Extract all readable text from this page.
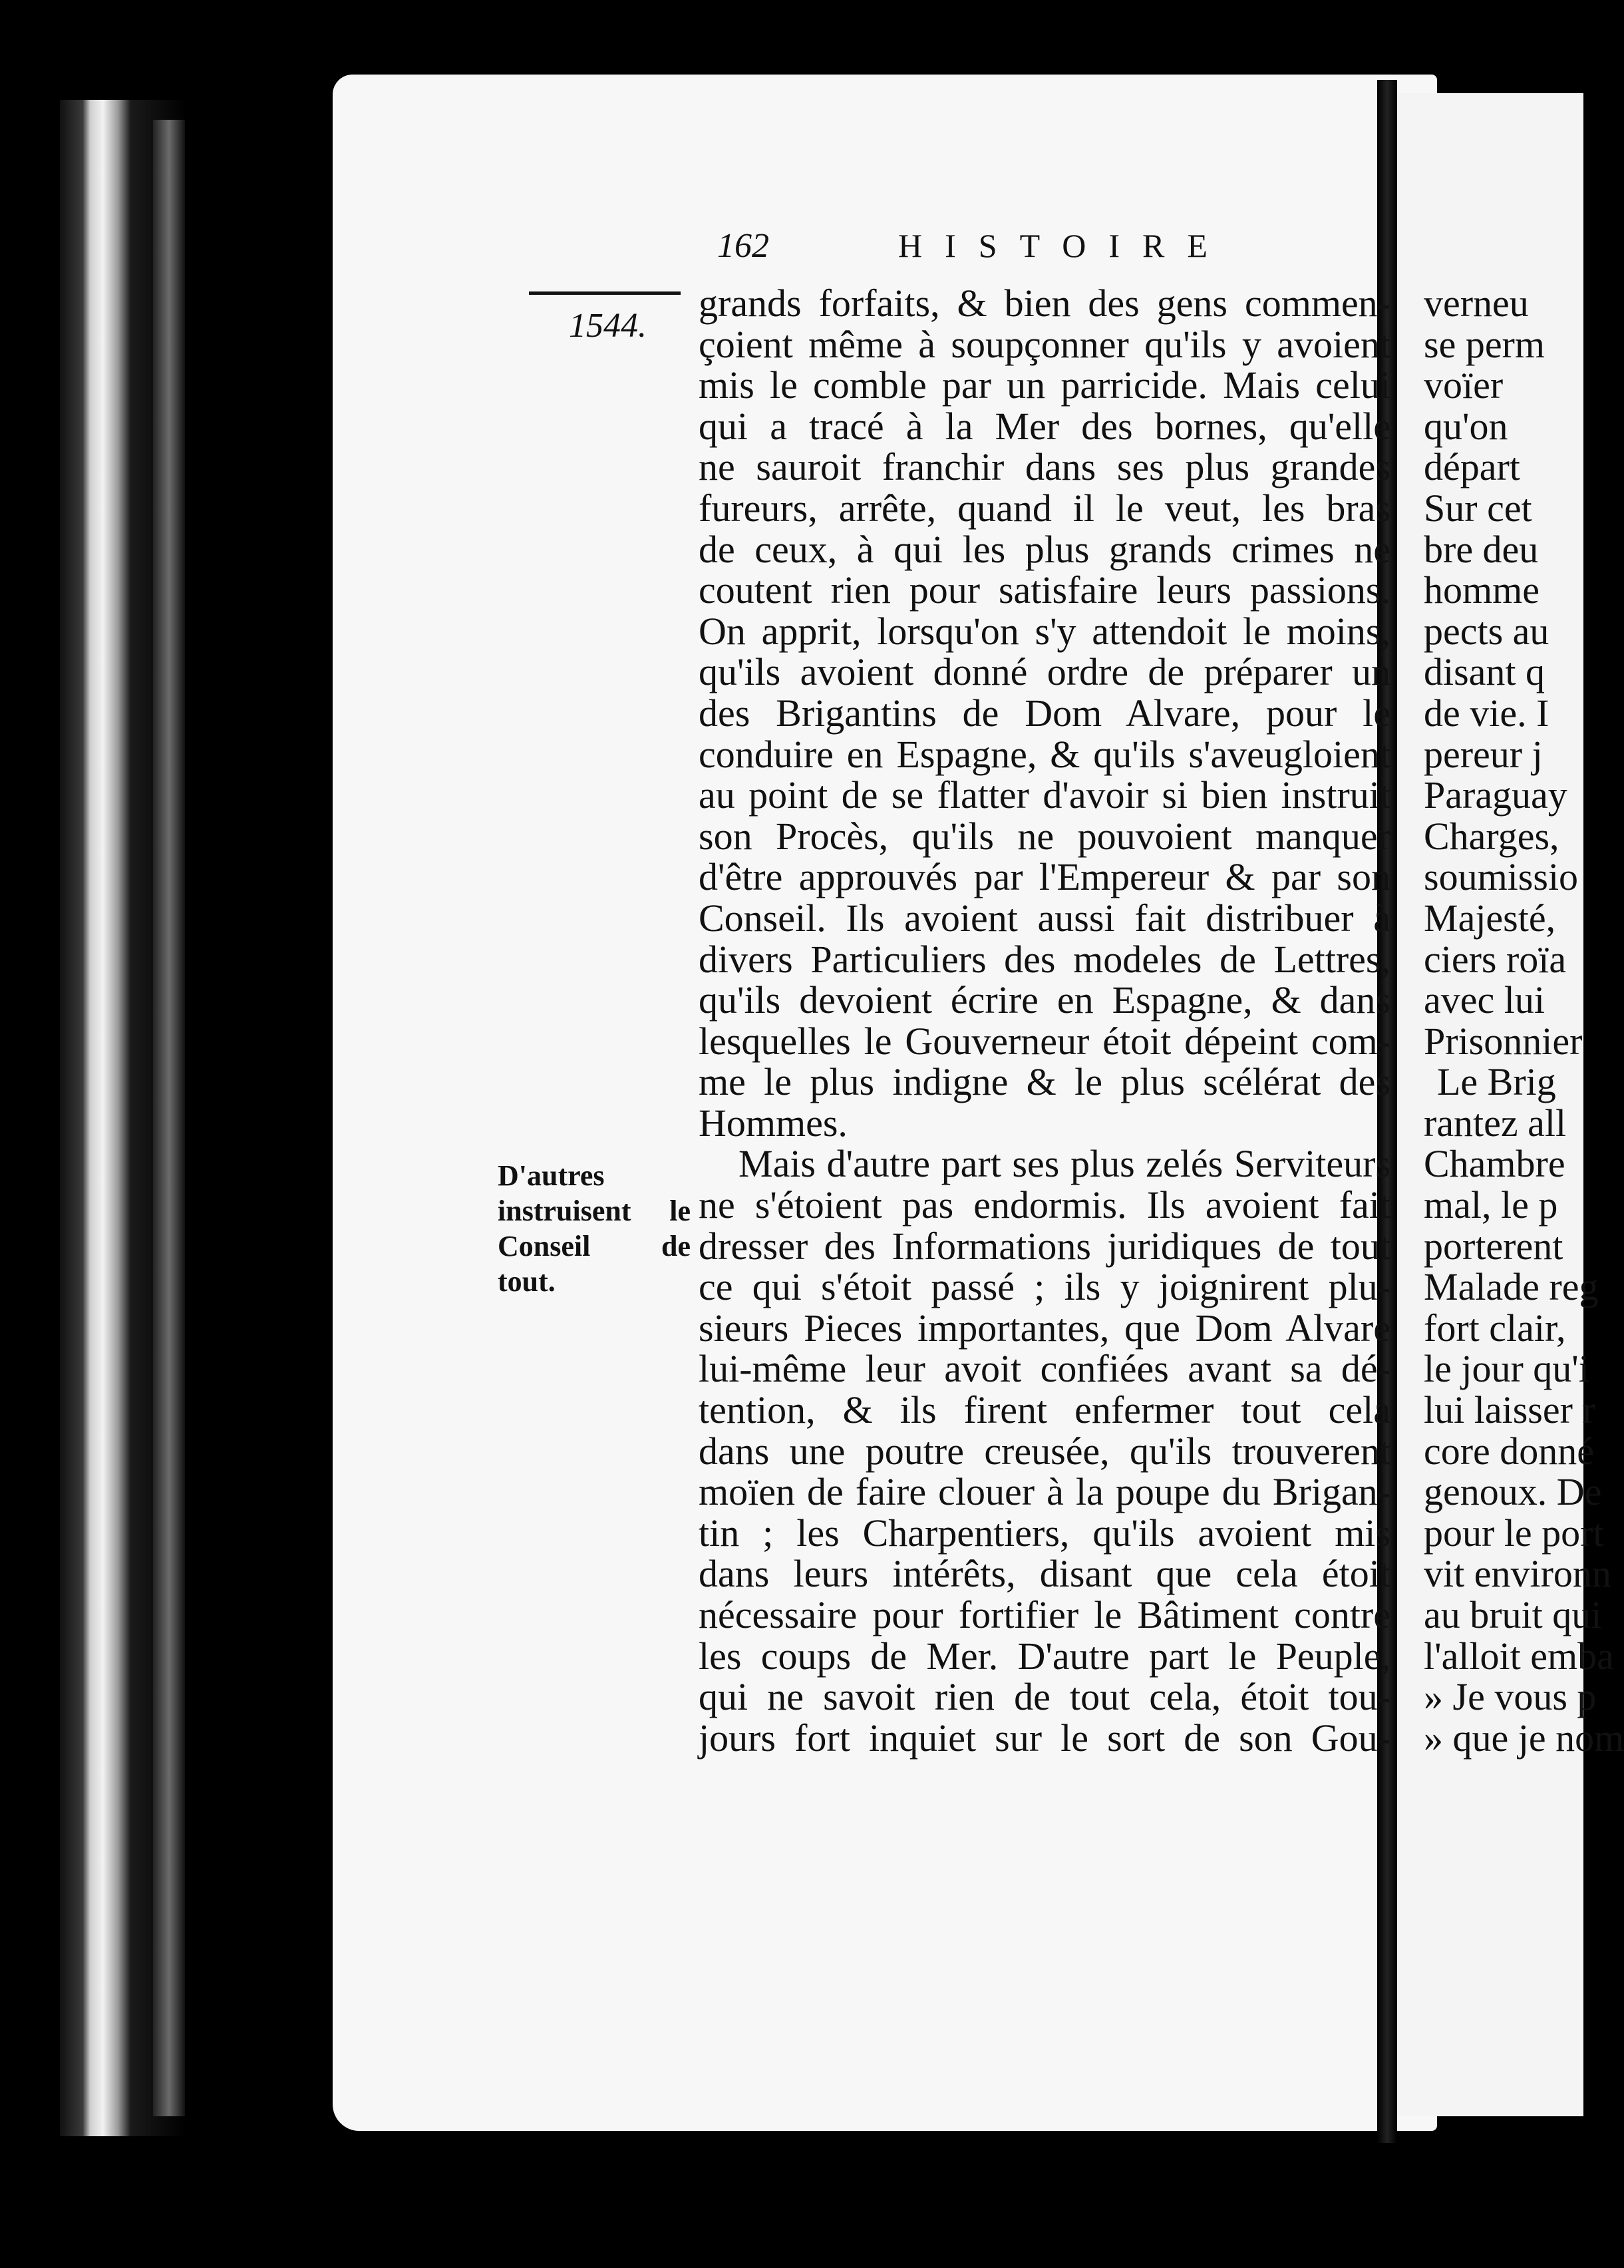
162	HISTOIRE
1544.
D'autres
instruisent le
Conseil de
tout.
grands forfaits, & bien des gens commen-
çoient même à soupçonner qu'ils y avoient
mis le comble par un parricide. Mais celui
qui a tracé à la Mer des bornes, qu'elle
ne sauroit franchir dans ses plus grandes
fureurs, arrête, quand il le veut, les bras
de ceux, à qui les plus grands crimes ne
coutent rien pour satisfaire leurs passions.
On apprit, lorsqu'on s'y attendoit le moins,
qu'ils avoient donné ordre de préparer un
des Brigantins de Dom Alvare, pour le
conduire en Espagne, & qu'ils s'aveugloient
au point de se flatter d'avoir si bien instruit
son Procès, qu'ils ne pouvoient manquer
d'être approuvés par l'Empereur & par son
Conseil. Ils avoient aussi fait distribuer à
divers Particuliers des modeles de Lettres,
qu'ils devoient écrire en Espagne, & dans
lesquelles le Gouverneur étoit dépeint com-
me le plus indigne & le plus scélérat des
Hommes.
Mais d'autre part ses plus zelés Serviteurs
ne s'étoient pas endormis. Ils avoient fait
dresser des Informations juridiques de tout
ce qui s'étoit passé ; ils y joignirent plu-
sieurs Pieces importantes, que Dom Alvare
lui-même leur avoit confiées avant sa dé-
tention, & ils firent enfermer tout cela
dans une poutre creusée, qu'ils trouverent
moïen de faire clouer à la poupe du Brigan-
tin ; les Charpentiers, qu'ils avoient mis
dans leurs intérêts, disant que cela étoit
nécessaire pour fortifier le Bâtiment contre
les coups de Mer. D'autre part le Peuple,
qui ne savoit rien de tout cela, étoit tou-
jours fort inquiet sur le sort de son Gou-
verneu
se perm
voïer
qu'on
départ
Sur cet
bre deu
homme
pects au
disant q
de vie. I
pereur j
Paraguay
Charges,
soumissio
Majesté,
ciers roïa
avec lui
Prisonnier
Le Brig
rantez all
Chambre
mal, le p
porterent
Malade reg
fort clair,
le jour qu'i
lui laisser r
core donné
genoux. De
pour le port
vit environn
au bruit qui
l'alloit emba
» Je vous p
» que je nom
